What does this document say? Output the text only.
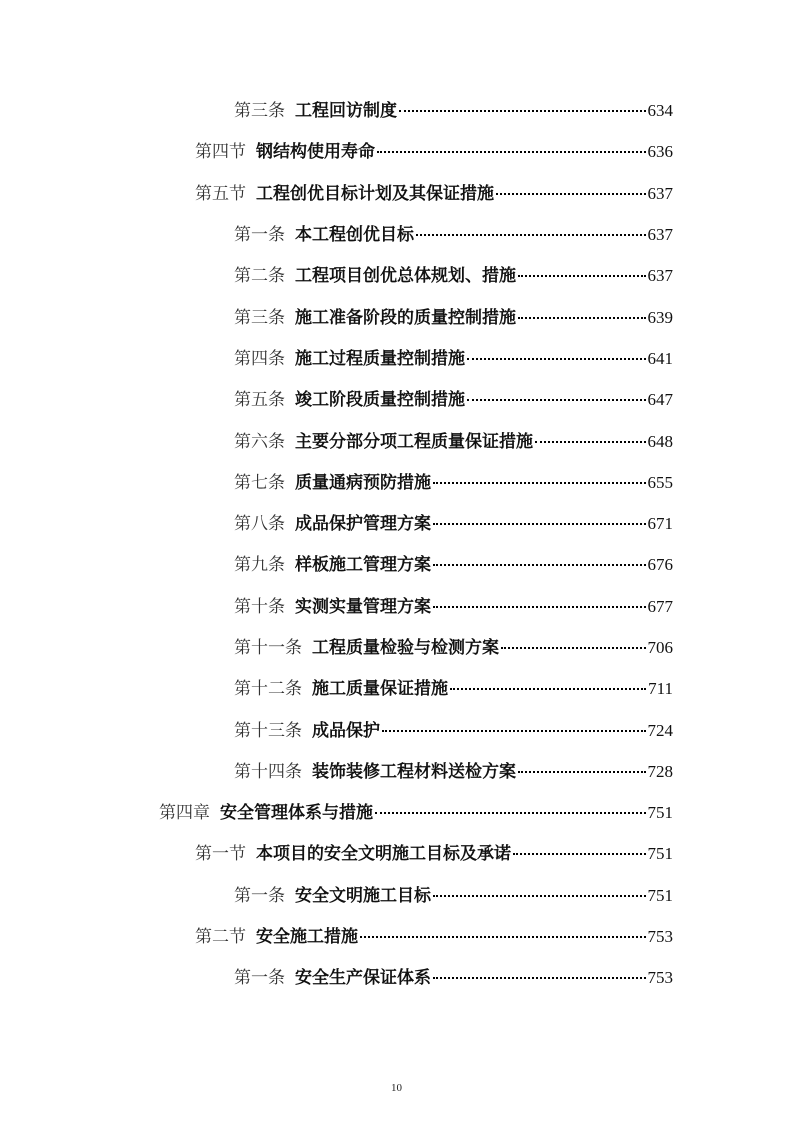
第三条 工程回访制度	634
第四节 钢结构使用寿命	636
第五节 工程创优目标计划及其保证措施	637
第一条 本工程创优目标	637
第二条 工程项目创优总体规划、措施	637
第三条 施工准备阶段的质量控制措施	639
第四条 施工过程质量控制措施	641
第五条 竣工阶段质量控制措施	647
第六条 主要分部分项工程质量保证措施	648
第七条 质量通病预防措施	655
第八条 成品保护管理方案	671
第九条 样板施工管理方案	676
第十条 实测实量管理方案	677
第十一条 工程质量检验与检测方案	706
第十二条 施工质量保证措施	711
第十三条 成品保护	724
第十四条 装饰装修工程材料送检方案	728
第四章 安全管理体系与措施	751
第一节 本项目的安全文明施工目标及承诺	751
第一条 安全文明施工目标	751
第二节 安全施工措施	753
第一条 安全生产保证体系	753
10
